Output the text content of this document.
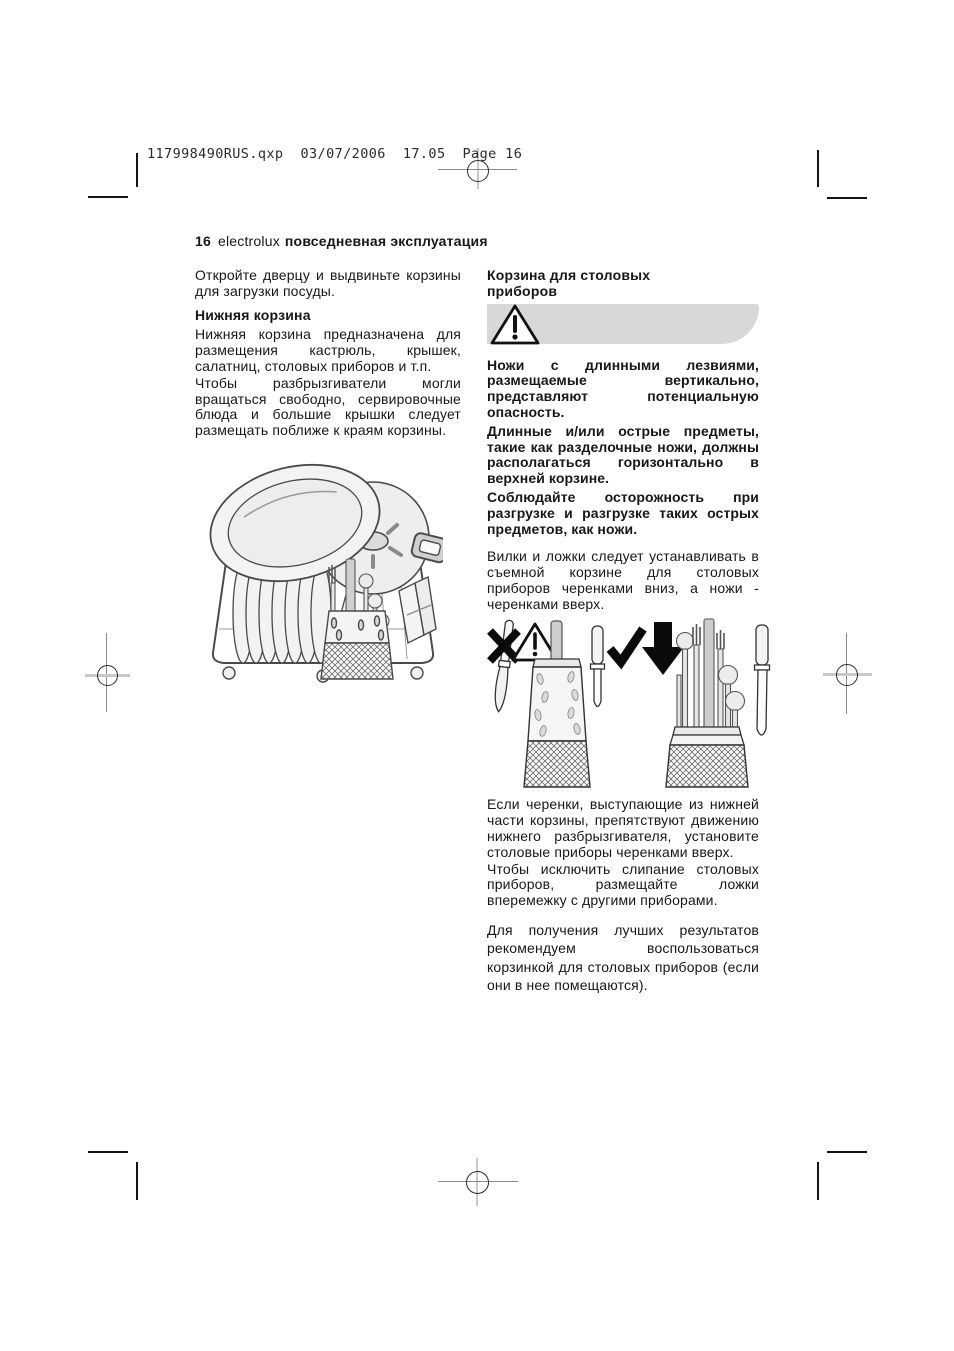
117998490RUS.qxp  03/07/2006  17.05  Page 16
16 electrolux повседневная эксплуатация

Откройте дверцу и выдвиньте корзины для загрузки посуды.

Нижняя корзина

Нижняя корзина предназначена для размещения кастрюль, крышек, салатниц, столовых приборов и т.п.

Чтобы разбрызгиватели могли вращаться свободно, сервировочные блюда и большие крышки следует размещать поближе к краям корзины.

Корзина для столовых приборов

Ножи с длинными лезвиями, размещаемые вертикально, представляют потенциальную опасность.

Длинные и/или острые предметы, такие как разделочные ножи, должны располагаться горизонтально в верхней корзине.

Соблюдайте осторожность при разгрузке и разгрузке таких острых предметов, как ножи.

Вилки и ложки следует устанавливать в съемной корзине для столовых приборов черенками вниз, а ножи - черенками вверх.

Если черенки, выступающие из нижней части корзины, препятствуют движению нижнего разбрызгивателя, установите столовые приборы черенками вверх.

Чтобы исключить слипание столовых приборов, размещайте ложки вперемежку с другими приборами.

Для получения лучших результатов рекомендуем воспользоваться корзинкой для столовых приборов (если они в нее помещаются).
